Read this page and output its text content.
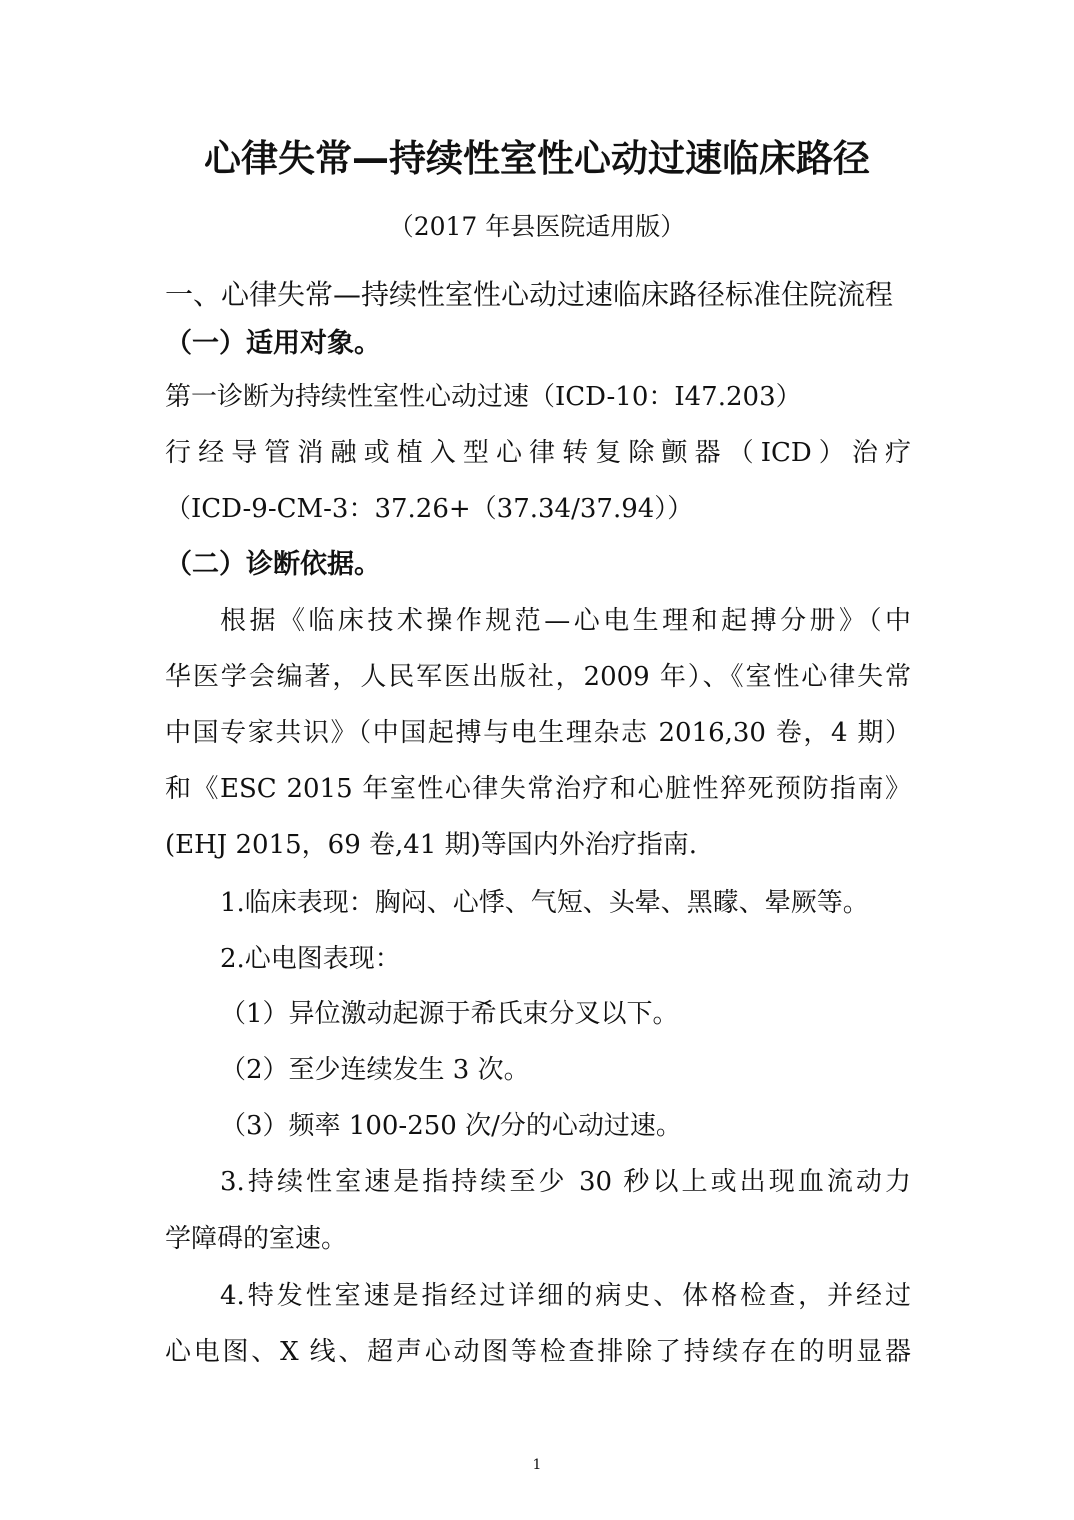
心律失常—持续性室性心动过速临床路径
（2017 年县医院适用版）
一、心律失常—持续性室性心动过速临床路径标准住院流程
（一）适用对象。
第一诊断为持续性室性心动过速（ICD-10：I47.203）
行经导管消融或植入型心律转复除颤器（ICD）治疗
（ICD-9-CM-3：37.26+（37.34/37.94））
（二）诊断依据。
根据《临床技术操作规范—心电生理和起搏分册》（中
华医学会编著，人民军医出版社，2009 年）、《室性心律失常
中国专家共识》（中国起搏与电生理杂志 2016,30 卷，4 期）
和《ESC 2015 年室性心律失常治疗和心脏性猝死预防指南》
(EHJ 2015，69 卷,41 期)等国内外治疗指南.
1.临床表现：胸闷、心悸、气短、头晕、黑矇、晕厥等。
2.心电图表现：
（1）异位激动起源于希氏束分叉以下。
（2）至少连续发生 3 次。
（3）频率 100-250 次/分的心动过速。
3.持续性室速是指持续至少 30 秒以上或出现血流动力
学障碍的室速。
4.特发性室速是指经过详细的病史、体格检查，并经过
心电图、X 线、超声心动图等检查排除了持续存在的明显器
1
